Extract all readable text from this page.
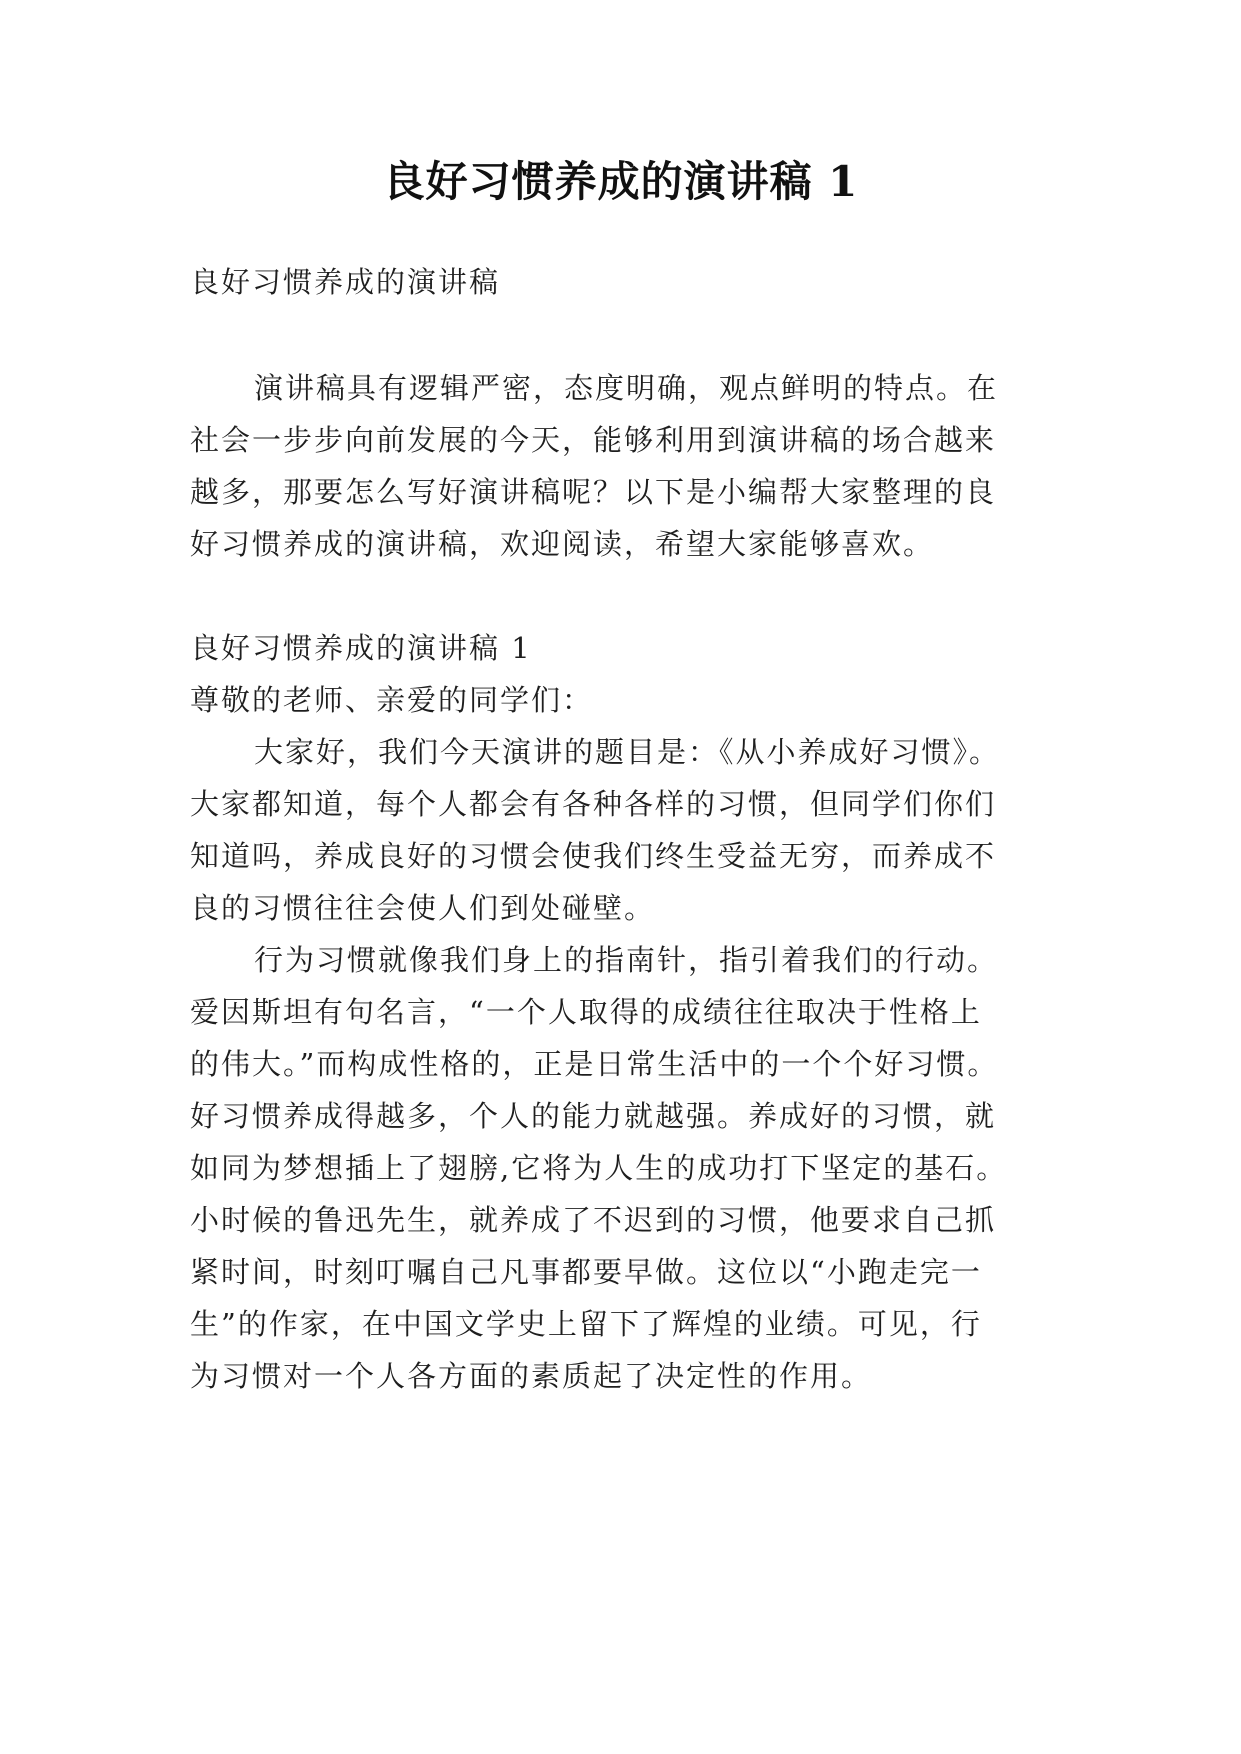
良好习惯养成的演讲稿 1
良好习惯养成的演讲稿
演讲稿具有逻辑严密，态度明确，观点鲜明的特点。在
社会一步步向前发展的今天，能够利用到演讲稿的场合越来
越多，那要怎么写好演讲稿呢？以下是小编帮大家整理的良
好习惯养成的演讲稿，欢迎阅读，希望大家能够喜欢。
良好习惯养成的演讲稿 1
尊敬的老师、亲爱的同学们：
大家好，我们今天演讲的题目是：《从小养成好习惯》。
大家都知道，每个人都会有各种各样的习惯，但同学们你们
知道吗，养成良好的习惯会使我们终生受益无穷，而养成不
良的习惯往往会使人们到处碰壁。
行为习惯就像我们身上的指南针，指引着我们的行动。
爱因斯坦有句名言，“一个人取得的成绩往往取决于性格上
的伟大。”而构成性格的，正是日常生活中的一个个好习惯。
好习惯养成得越多，个人的能力就越强。养成好的习惯，就
如同为梦想插上了翅膀,它将为人生的成功打下坚定的基石。
小时候的鲁迅先生，就养成了不迟到的习惯，他要求自己抓
紧时间，时刻叮嘱自己凡事都要早做。这位以“小跑走完一
生”的作家，在中国文学史上留下了辉煌的业绩。可见，行
为习惯对一个人各方面的素质起了决定性的作用。
